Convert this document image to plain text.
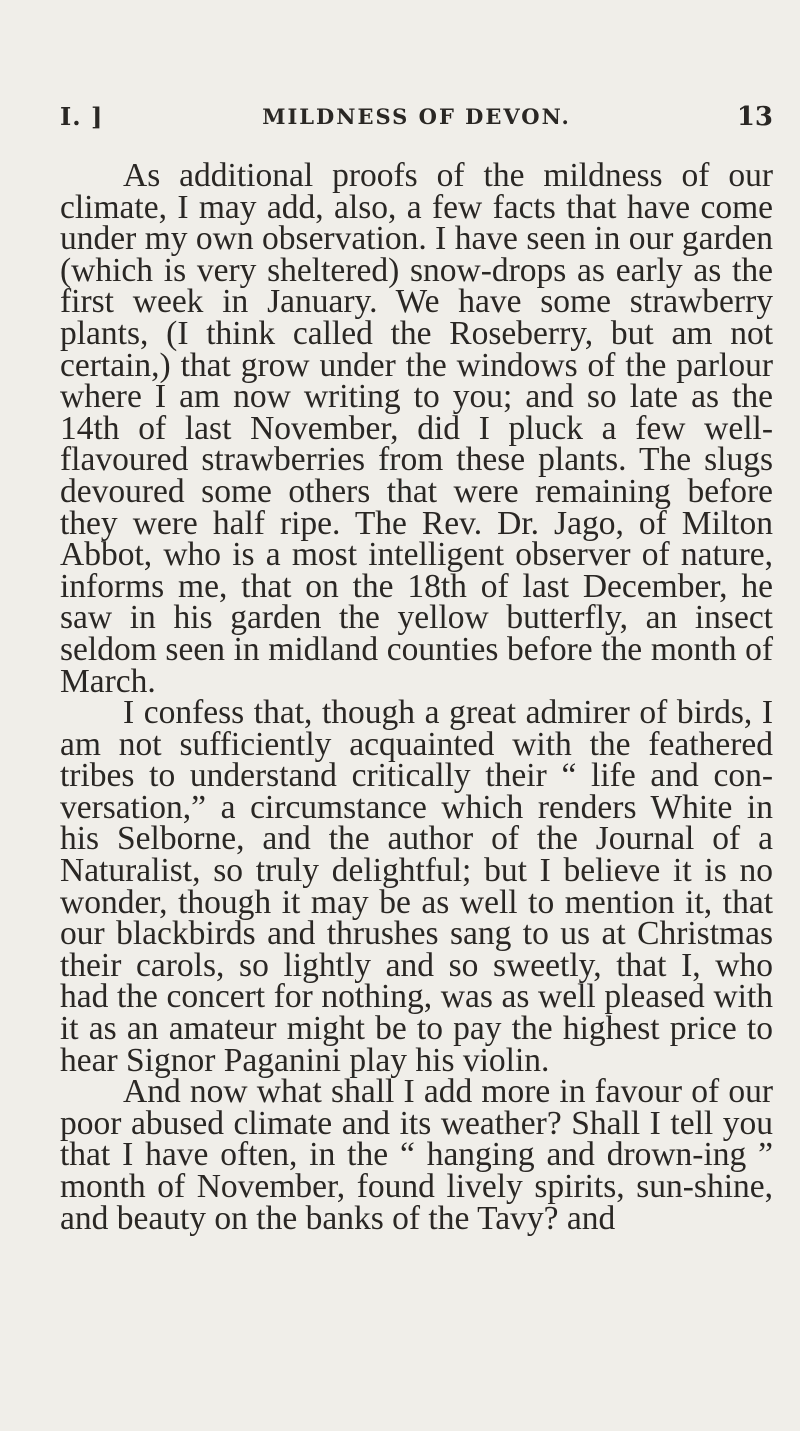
I. ]	MILDNESS OF DEVON.	13

As additional proofs of the mildness of our climate, I may add, also, a few facts that have come under my own observation. I have seen in our garden (which is very sheltered) snow-drops as early as the first week in January. We have some strawberry plants, (I think called the Roseberry, but am not certain,) that grow under the windows of the parlour where I am now writing to you; and so late as the 14th of last November, did I pluck a few well-flavoured strawberries from these plants. The slugs devoured some others that were remaining before they were half ripe. The Rev. Dr. Jago, of Milton Abbot, who is a most intelligent observer of nature, informs me, that on the 18th of last December, he saw in his garden the yellow butterfly, an insect seldom seen in midland counties before the month of March.

I confess that, though a great admirer of birds, I am not sufficiently acquainted with the feathered tribes to understand critically their “ life and con-versation,” a circumstance which renders White in his Selborne, and the author of the Journal of a Naturalist, so truly delightful; but I believe it is no wonder, though it may be as well to mention it, that our blackbirds and thrushes sang to us at Christmas their carols, so lightly and so sweetly, that I, who had the concert for nothing, was as well pleased with it as an amateur might be to pay the highest price to hear Signor Paganini play his violin.

And now what shall I add more in favour of our poor abused climate and its weather? Shall I tell you that I have often, in the “ hanging and drown-ing ” month of November, found lively spirits, sun-shine, and beauty on the banks of the Tavy? and
